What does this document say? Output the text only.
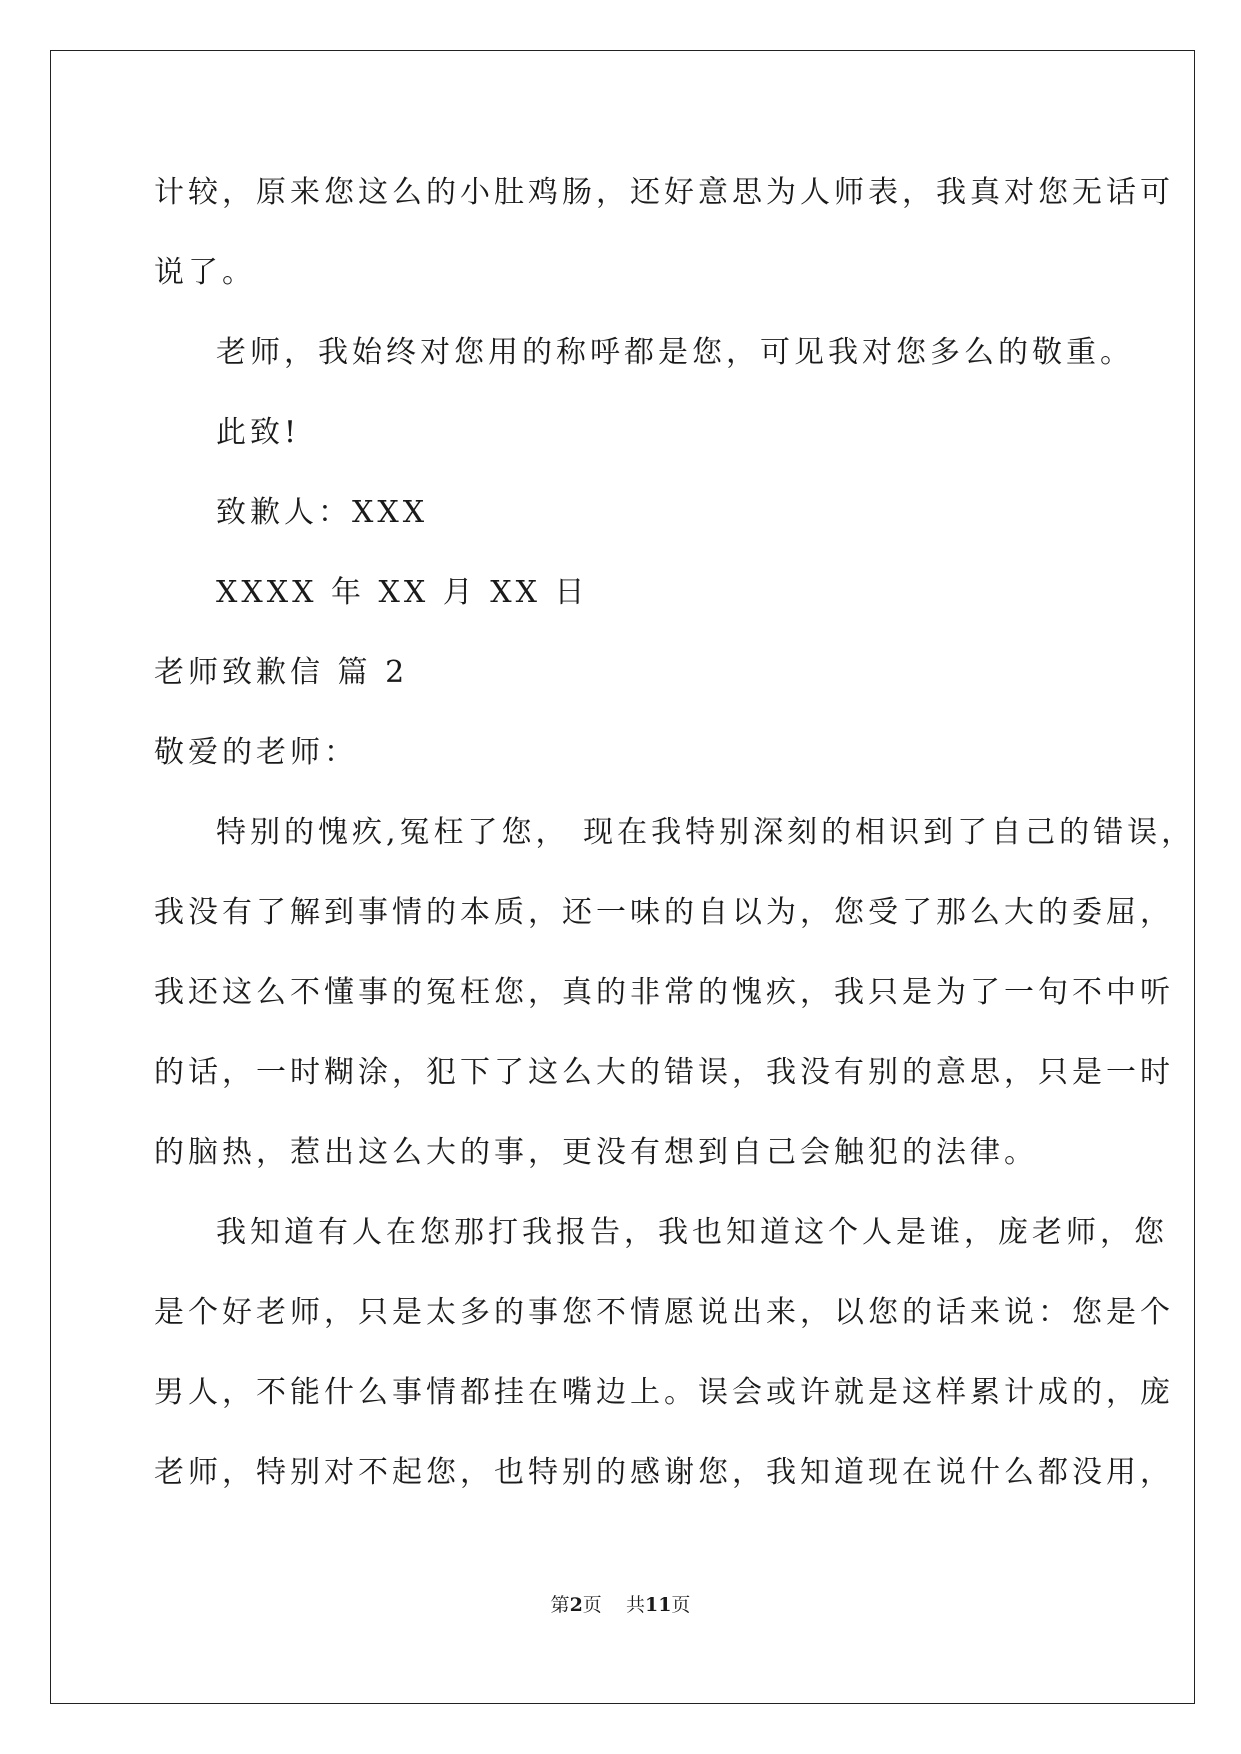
计较，原来您这么的小肚鸡肠，还好意思为人师表，我真对您无话可
说了。
老师，我始终对您用的称呼都是您，可见我对您多么的敬重。
此致!
致歉人：XXX
XXXX 年 XX 月 XX 日
老师致歉信 篇 2
敬爱的老师：
特别的愧疚,冤枉了您， 现在我特别深刻的相识到了自己的错误，
我没有了解到事情的本质，还一味的自以为，您受了那么大的委屈，
我还这么不懂事的冤枉您，真的非常的愧疚，我只是为了一句不中听
的话，一时糊涂，犯下了这么大的错误，我没有别的意思，只是一时
的脑热，惹出这么大的事，更没有想到自己会触犯的法律。
我知道有人在您那打我报告，我也知道这个人是谁，庞老师，您
是个好老师，只是太多的事您不情愿说出来，以您的话来说：您是个
男人，不能什么事情都挂在嘴边上。误会或许就是这样累计成的，庞
老师，特别对不起您，也特别的感谢您，我知道现在说什么都没用，
第2页    共11页
